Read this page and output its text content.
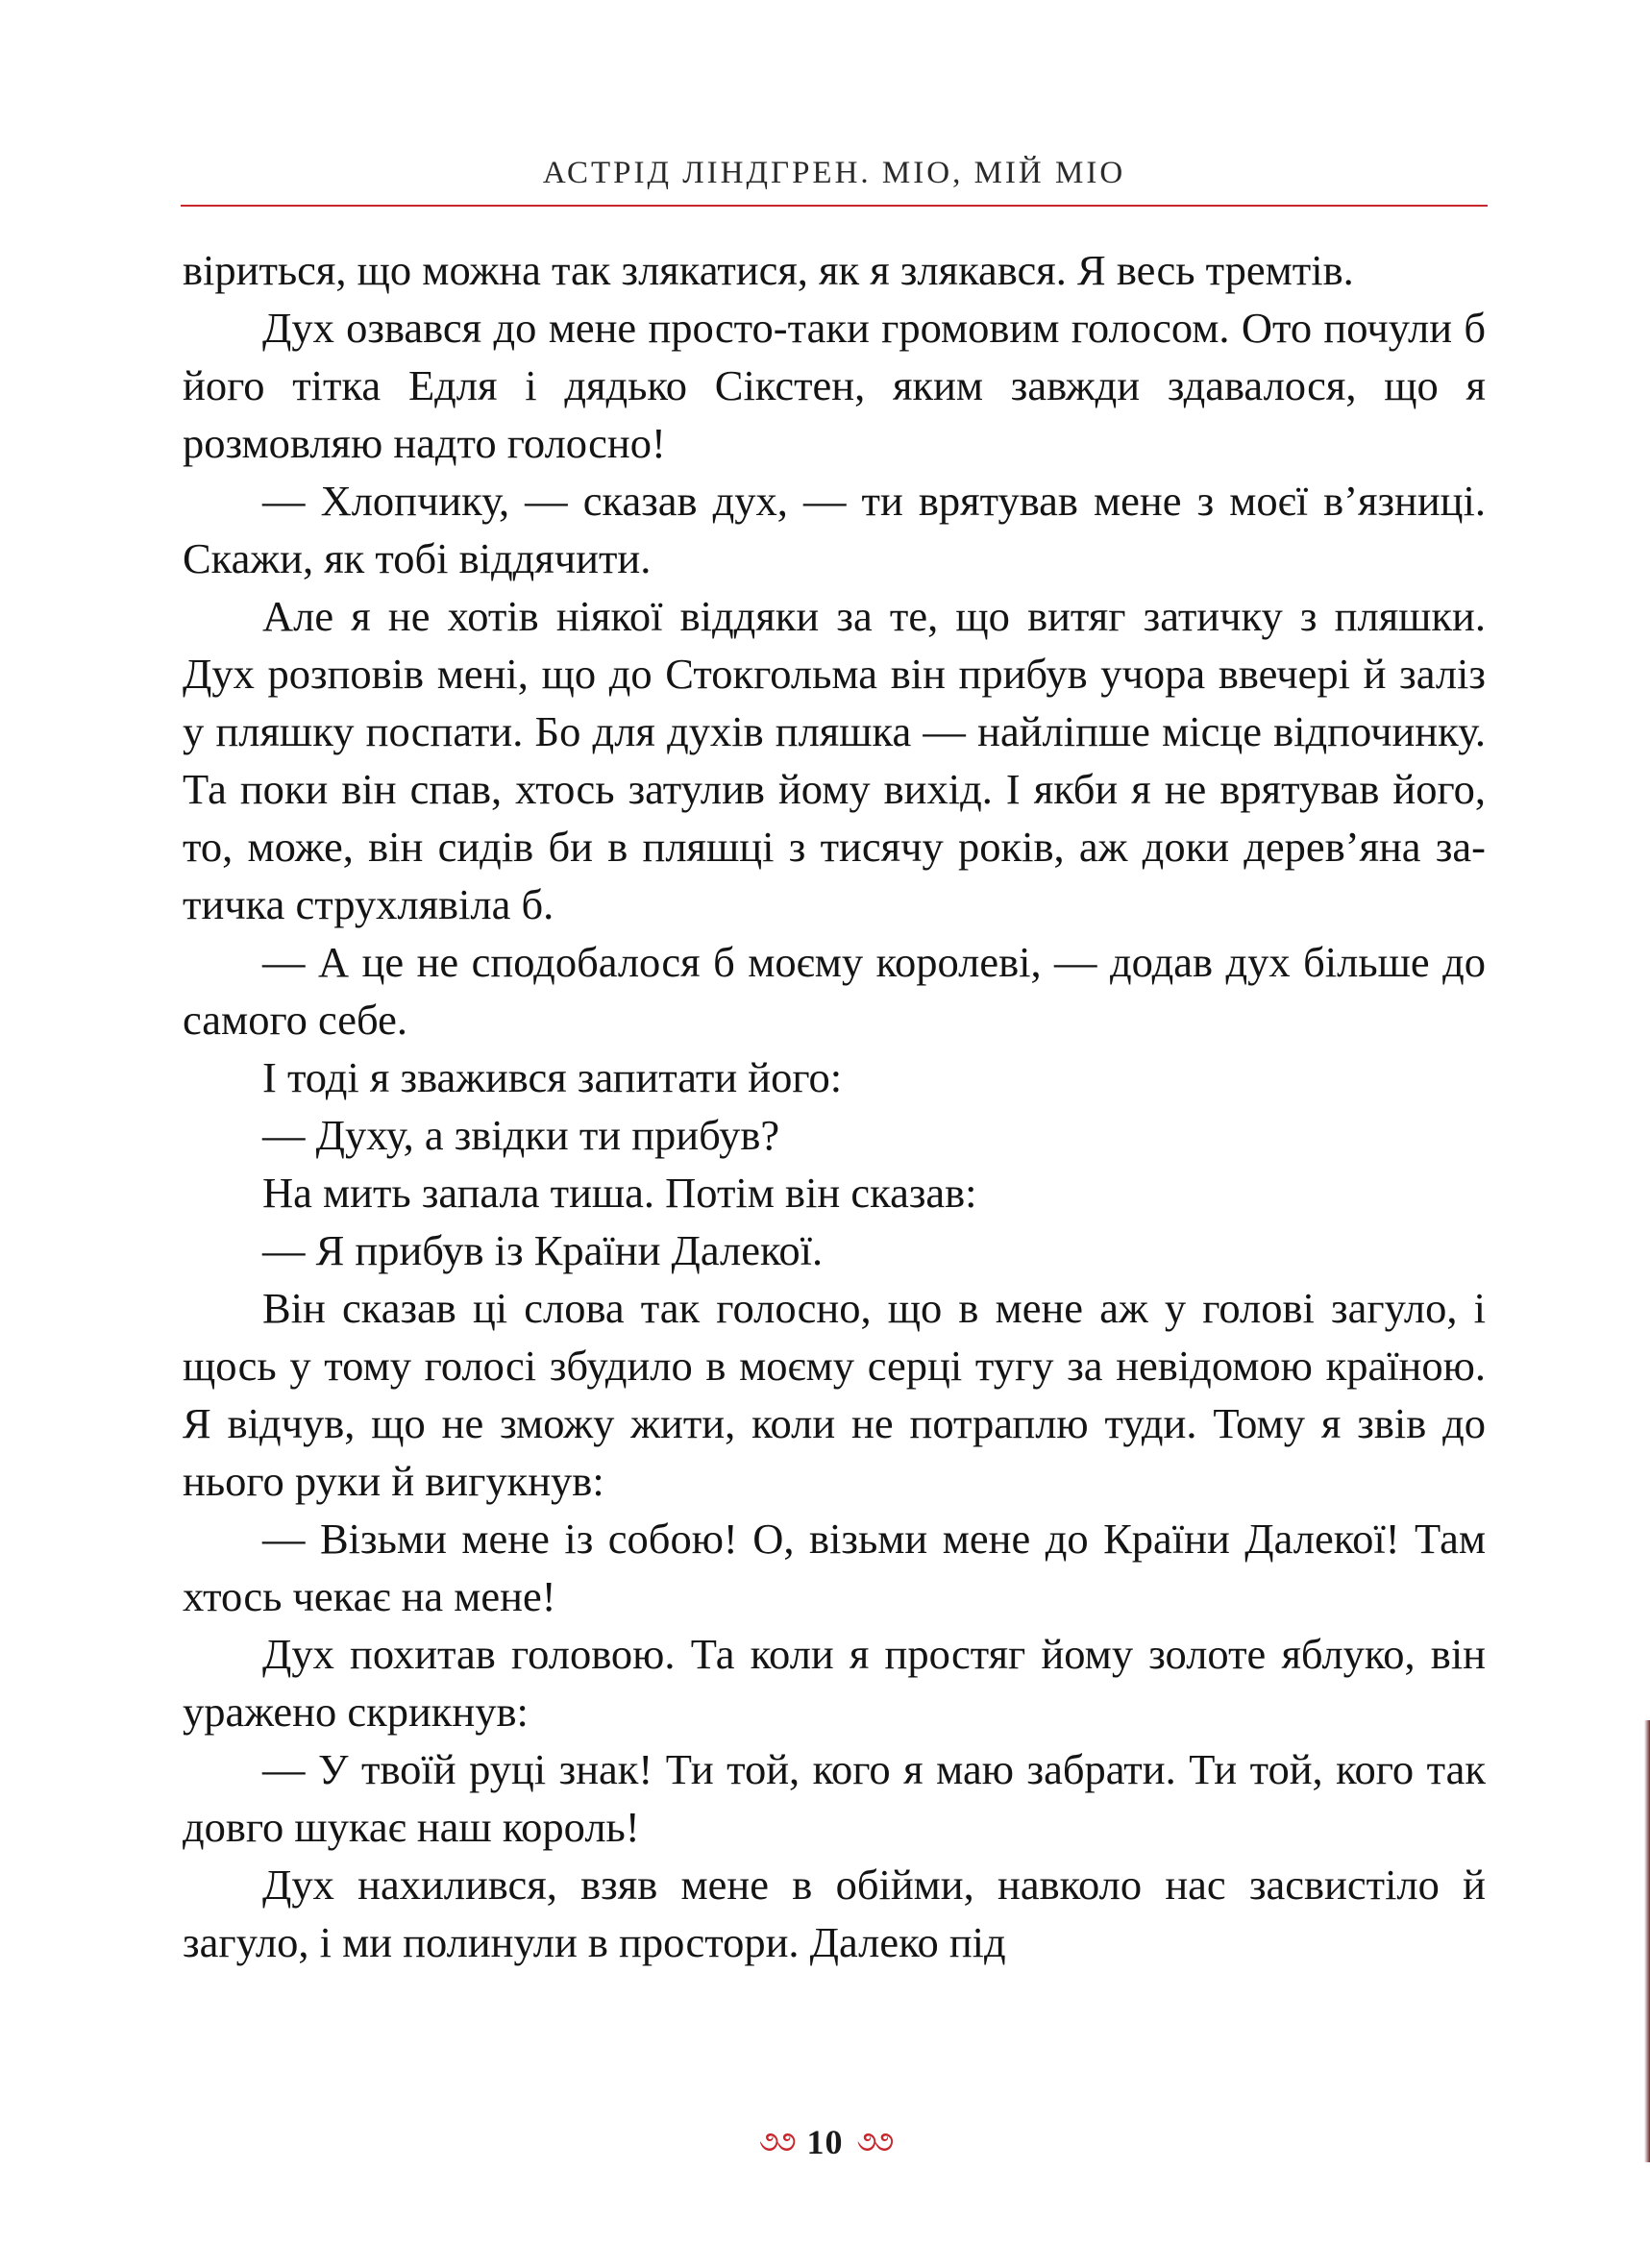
АСТРІД ЛІНДГРЕН. МІО, МІЙ МІО

віриться, що можна так злякатися, як я злякався. Я весь тремтів.

Дух озвався до мене просто-таки громовим голосом. Ото почули б його тітка Едля і дядько Сікстен, яким завжди здавалося, що я розмовляю надто голосно!

— Хлопчику, — сказав дух, — ти врятував мене з моєї в’язниці. Скажи, як тобі віддячити.

Але я не хотів ніякої віддяки за те, що витяг затичку з пляшки. Дух розповів мені, що до Стокгольма він прибув учора ввечері й заліз у пляшку поспати. Бо для духів пляшка — найліпше місце відпочинку. Та поки він спав, хтось затулив йому вихід. І якби я не врятував його, то, може, він сидів би в пляшці з тисячу років, аж доки дерев’яна затичка струхлявіла б.

— А це не сподобалося б моєму королеві, — додав дух більше до самого себе.

І тоді я зважився запитати його:

— Духу, а звідки ти прибув?

На мить запала тиша. Потім він сказав:

— Я прибув із Країни Далекої.

Він сказав ці слова так голосно, що в мене аж у голові загуло, і щось у тому голосі збудило в моєму серці тугу за невідомою країною. Я відчув, що не зможу жити, коли не потраплю туди. Тому я звів до нього руки й вигукнув:

— Візьми мене із собою! О, візьми мене до Країни Далекої! Там хтось чекає на мене!

Дух похитав головою. Та коли я простяг йому золоте яблуко, він уражено скрикнув:

— У твоїй руці знак! Ти той, кого я маю забрати. Ти той, кого так довго шукає наш король!

Дух нахилився, взяв мене в обійми, навколо нас засвистіло й загуло, і ми полинули в простори. Далеко під

૭૭ 10 ૭૭
